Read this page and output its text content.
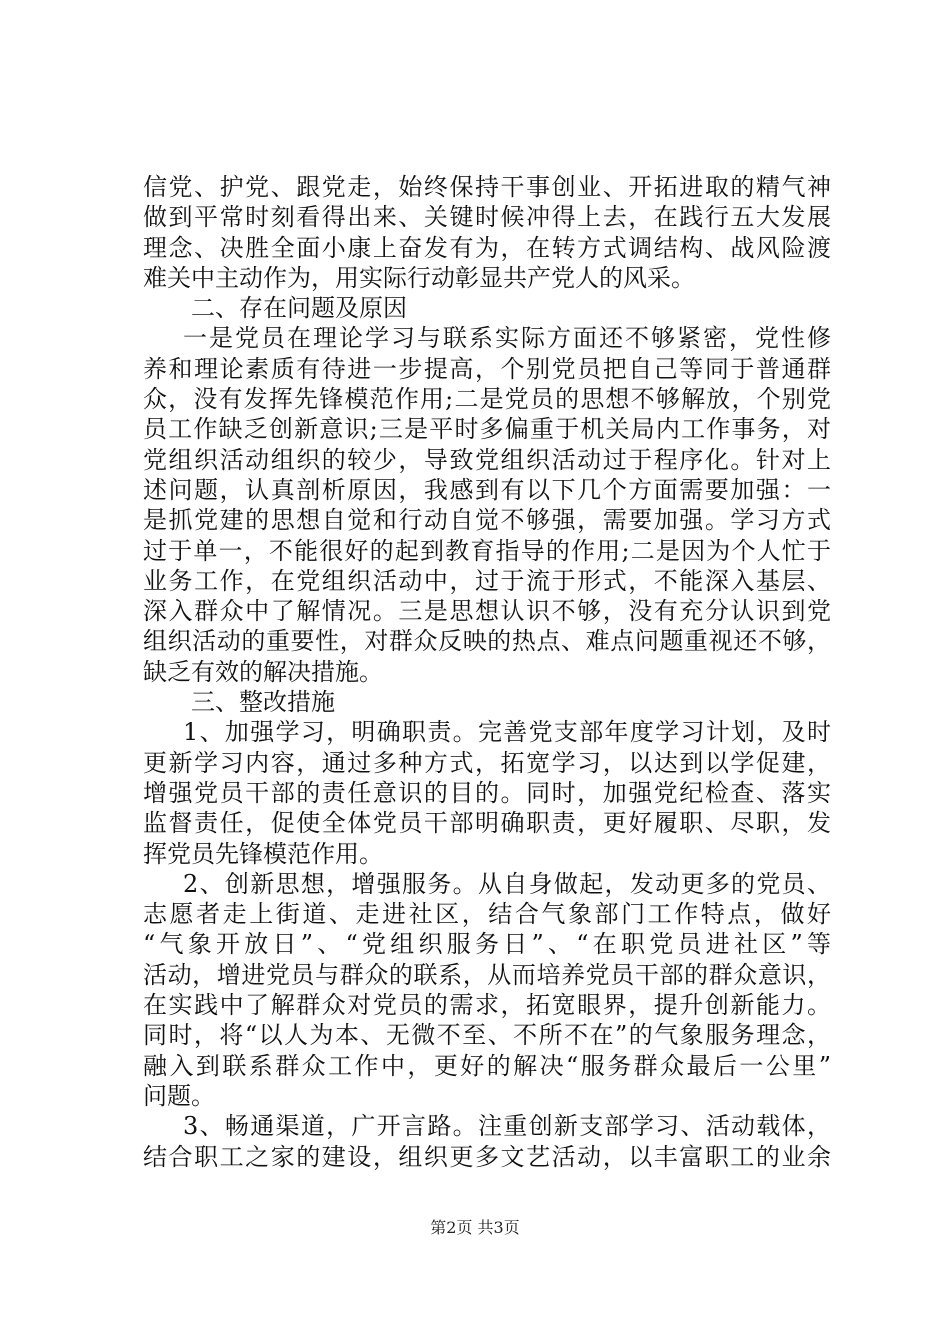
信党、护党、跟党走，始终保持干事创业、开拓进取的精气神
做到平常时刻看得出来、关键时候冲得上去，在践行五大发展
理念、决胜全面小康上奋发有为，在转方式调结构、战风险渡
难关中主动作为，用实际行动彰显共产党人的风采。
二、存在问题及原因
一是党员在理论学习与联系实际方面还不够紧密，党性修
养和理论素质有待进一步提高，个别党员把自己等同于普通群
众，没有发挥先锋模范作用;二是党员的思想不够解放，个别党
员工作缺乏创新意识;三是平时多偏重于机关局内工作事务，对
党组织活动组织的较少，导致党组织活动过于程序化。针对上
述问题，认真剖析原因，我感到有以下几个方面需要加强：一
是抓党建的思想自觉和行动自觉不够强，需要加强。学习方式
过于单一，不能很好的起到教育指导的作用;二是因为个人忙于
业务工作，在党组织活动中，过于流于形式，不能深入基层、
深入群众中了解情况。三是思想认识不够，没有充分认识到党
组织活动的重要性，对群众反映的热点、难点问题重视还不够，
缺乏有效的解决措施。
三、整改措施
1、加强学习，明确职责。完善党支部年度学习计划，及时
更新学习内容，通过多种方式，拓宽学习，以达到以学促建，
增强党员干部的责任意识的目的。同时，加强党纪检查、落实
监督责任，促使全体党员干部明确职责，更好履职、尽职，发
挥党员先锋模范作用。
2、创新思想，增强服务。从自身做起，发动更多的党员、
志愿者走上街道、走进社区，结合气象部门工作特点，做好
“气象开放日”、“党组织服务日”、“在职党员进社区”等
活动，增进党员与群众的联系，从而培养党员干部的群众意识，
在实践中了解群众对党员的需求，拓宽眼界，提升创新能力。
同时，将“以人为本、无微不至、不所不在”的气象服务理念，
融入到联系群众工作中，更好的解决“服务群众最后一公里”
问题。
3、畅通渠道，广开言路。注重创新支部学习、活动载体，
结合职工之家的建设，组织更多文艺活动，以丰富职工的业余
第2页 共3页
